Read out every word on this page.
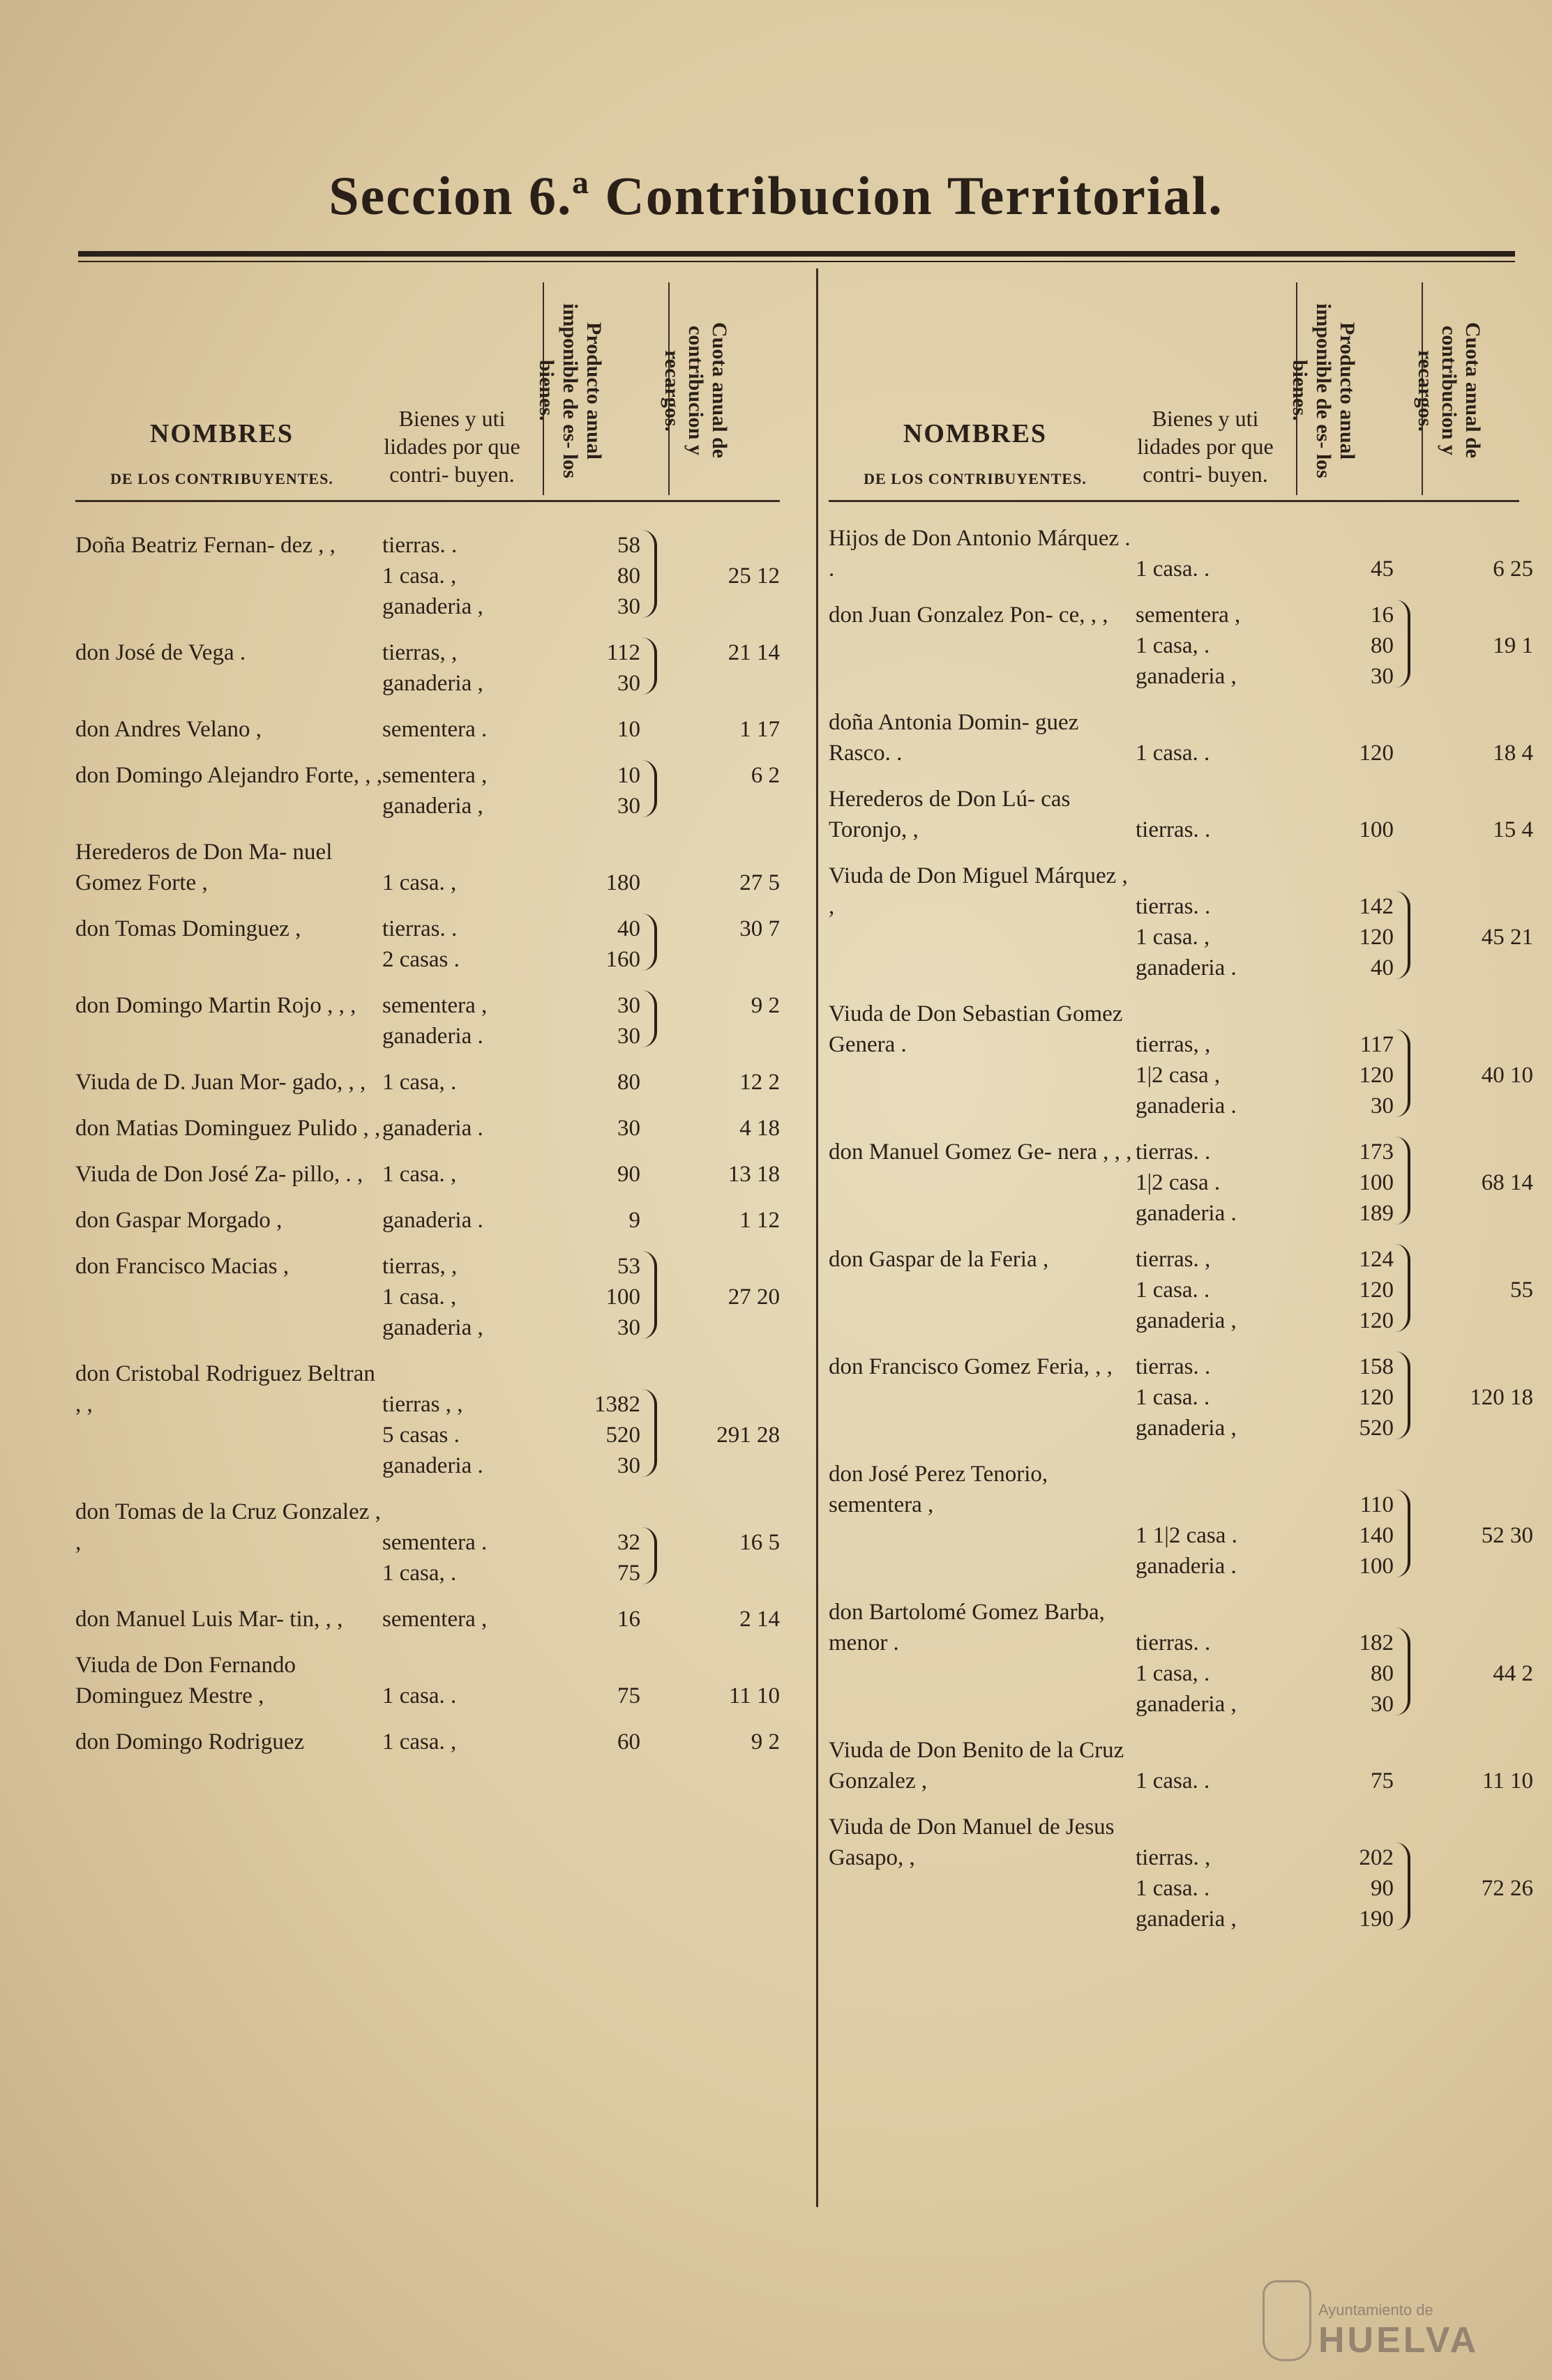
Seccion 6.ª Contribucion Territorial.
NOMBRES
DE LOS CONTRIBUYENTES.
Bienes y uti lidades por que contri- buyen.
Producto anual imponible de es- los bienes.	Cuota anual de contribucion y recargos.
Doña Beatriz Fernan- dez , ,	tierras. .	58
1 casa. ,	80	25 12
ganaderia ,	30
don José de Vega .	tierras, ,	112	21 14
ganaderia ,	30
don Andres Velano ,	sementera .	10	1 17
don Domingo Alejandro Forte, , , sementera ,	10	6 2
ganaderia ,	30
Herederos de Don Ma- nuel Gomez Forte ,	1 casa. ,	180	27 5
don Tomas Dominguez ,	tierras. .	40	30 7
2 casas .	160
don Domingo Martin Rojo , , ,	sementera ,	30	9 2
ganaderia .	30
Viuda de D. Juan Mor- gado, , , 1 casa, .	80	12 2
don Matias Dominguez Pulido , , ganaderia .	30	4 18
Viuda de Don José Za- pillo, . , 1 casa. ,	90	13 18
don Gaspar Morgado ,	ganaderia .	9	1 12
don Francisco Macias ,	tierras, ,	53
1 casa. ,	100	27 20
ganaderia ,	30
don Cristobal Rodriguez Beltran , ,	tierras , ,	1382
5 casas .	520	291 28
ganaderia .	30
don Tomas de la Cruz Gonzalez , ,	sementera .	32	16 5
1 casa, .	75
don Manuel Luis Mar- tin, , ,	sementera ,	16	2 14
Viuda de Don Fernando Dominguez Mestre ,	1 casa. .	75	11 10
don Domingo Rodriguez	1 casa. ,	60	9 2
NOMBRES
DE LOS CONTRIBUYENTES.
Bienes y uti lidades por que contri- buyen.
Producto anual imponible de es- los bienes.	Cuota anual de contribucion y recargos.
Hijos de Don Antonio Márquez . .	1 casa. .	45	6 25
don Juan Gonzalez Pon- ce, , ,	sementera ,	16
1 casa, .	80	19 1
ganaderia ,	30
doña Antonia Domin- guez Rasco. .	1 casa. .	120	18 4
Herederos de Don Lú- cas Toronjo, ,	tierras. .	100	15 4
Viuda de Don Miguel Márquez , ,	tierras. .	142
1 casa. ,	120	45 21
ganaderia .	40
Viuda de Don Sebastian Gomez Genera .	tierras, ,	117
1|2 casa ,	120	40 10
ganaderia .	30
don Manuel Gomez Ge- nera , , , tierras. .	173
1|2 casa .	100	68 14
ganaderia .	189
don Gaspar de la Feria ,	tierras. ,	124
1 casa. .	120	55
ganaderia ,	120
don Francisco Gomez Feria, , ,	tierras. .	158
1 casa. .	120	120 18
ganaderia ,	520
don José Perez Tenorio, sementera ,	110
1 1|2 casa .	140	52 30
ganaderia .	100
don Bartolomé Gomez Barba, menor .	tierras. .	182
1 casa, .	80	44 2
ganaderia ,	30
Viuda de Don Benito de la Cruz Gonzalez ,	1 casa. .	75	11 10
Viuda de Don Manuel de Jesus Gasapo, ,	tierras. ,	202
1 casa. .	90	72 26
ganaderia ,	190
Ayuntamiento de
HUELVA
